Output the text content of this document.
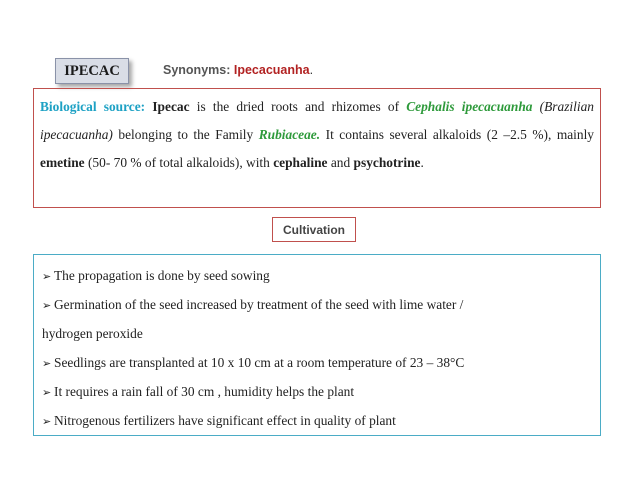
IPECAC	Synonyms: Ipecacuanha.
Biological source: Ipecac is the dried roots and rhizomes of Cephalis ipecacuanha (Brazilian ipecacuanha) belonging to the Family Rubiaceae. It contains several alkaloids (2 –2.5 %), mainly emetine (50- 70 % of total alkaloids), with cephaline and psychotrine.
Cultivation
➢ The propagation is done by seed sowing
➢ Germination of the seed increased by treatment of the seed with lime water /
hydrogen peroxide
➢ Seedlings are transplanted at 10 x 10 cm at a room temperature of 23 – 38°C
➢ It requires a rain fall of 30 cm , humidity helps the plant
➢ Nitrogenous fertilizers have significant effect in quality of plant
